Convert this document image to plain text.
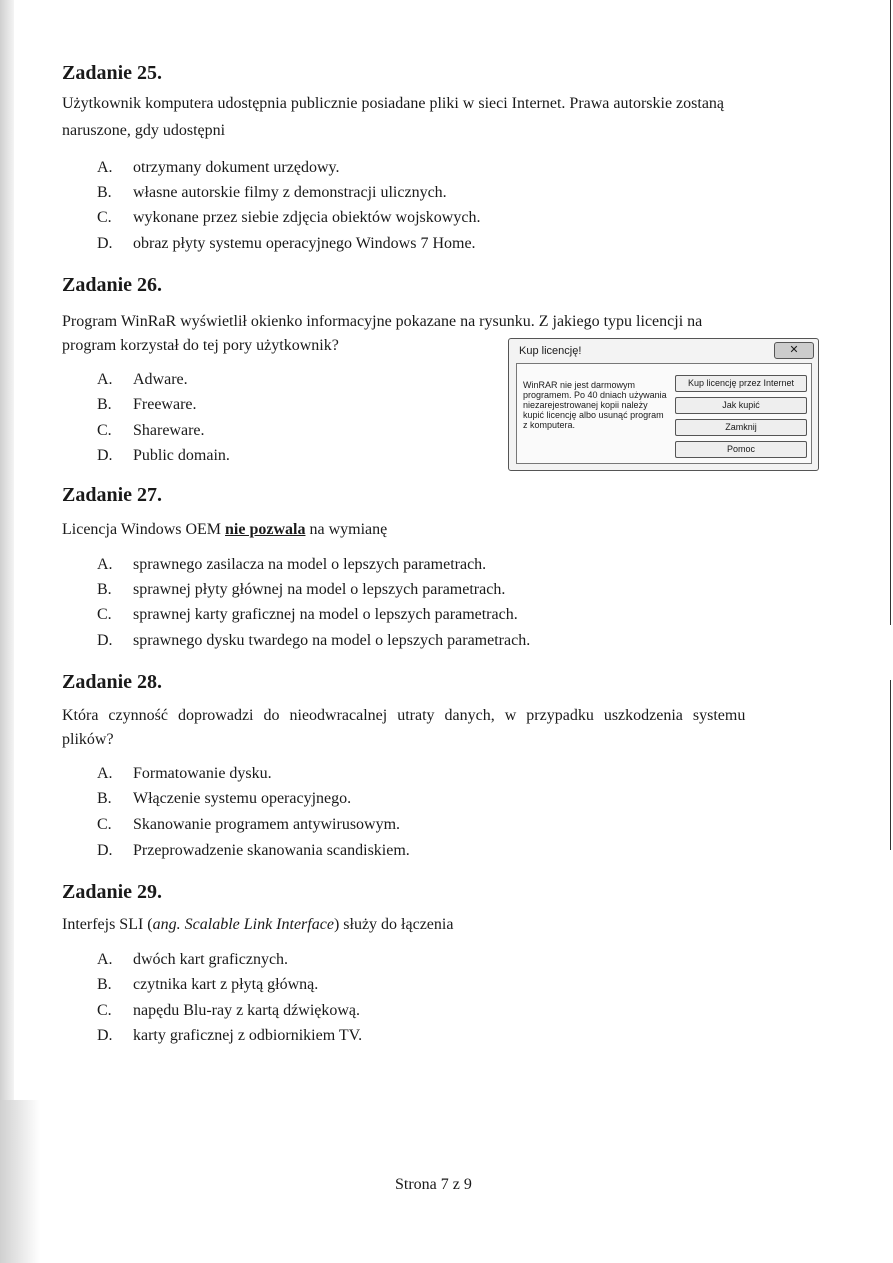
Zadanie 25.
Użytkownik komputera udostępnia publicznie posiadane pliki w sieci Internet. Prawa autorskie zostaną
naruszone, gdy udostępni
A. otrzymany dokument urzędowy.
B. własne autorskie filmy z demonstracji ulicznych.
C. wykonane przez siebie zdjęcia obiektów wojskowych.
D. obraz płyty systemu operacyjnego Windows 7 Home.
Zadanie 26.
Program WinRaR wyświetlił okienko informacyjne pokazane na rysunku. Z jakiego typu licencji na
program korzystał do tej pory użytkownik?
A. Adware.
B. Freeware.
C. Shareware.
D. Public domain.
Kup licencję!	✕
WinRAR nie jest darmowym programem. Po 40 dniach używania niezarejestrowanej kopii należy kupić licencję albo usunąć program z komputera.
Kup licencję przez Internet
Jak kupić
Zamknij
Pomoc
Zadanie 27.
Licencja Windows OEM nie pozwala na wymianę
A. sprawnego zasilacza na model o lepszych parametrach.
B. sprawnej płyty głównej na model o lepszych parametrach.
C. sprawnej karty graficznej na model o lepszych parametrach.
D. sprawnego dysku twardego na model o lepszych parametrach.
Zadanie 28.
Która czynność doprowadzi do nieodwracalnej utraty danych, w przypadku uszkodzenia systemu
plików?
A. Formatowanie dysku.
B. Włączenie systemu operacyjnego.
C. Skanowanie programem antywirusowym.
D. Przeprowadzenie skanowania scandiskiem.
Zadanie 29.
Interfejs SLI (ang. Scalable Link Interface) służy do łączenia
A. dwóch kart graficznych.
B. czytnika kart z płytą główną.
C. napędu Blu-ray z kartą dźwiękową.
D. karty graficznej z odbiornikiem TV.
Strona 7 z 9
